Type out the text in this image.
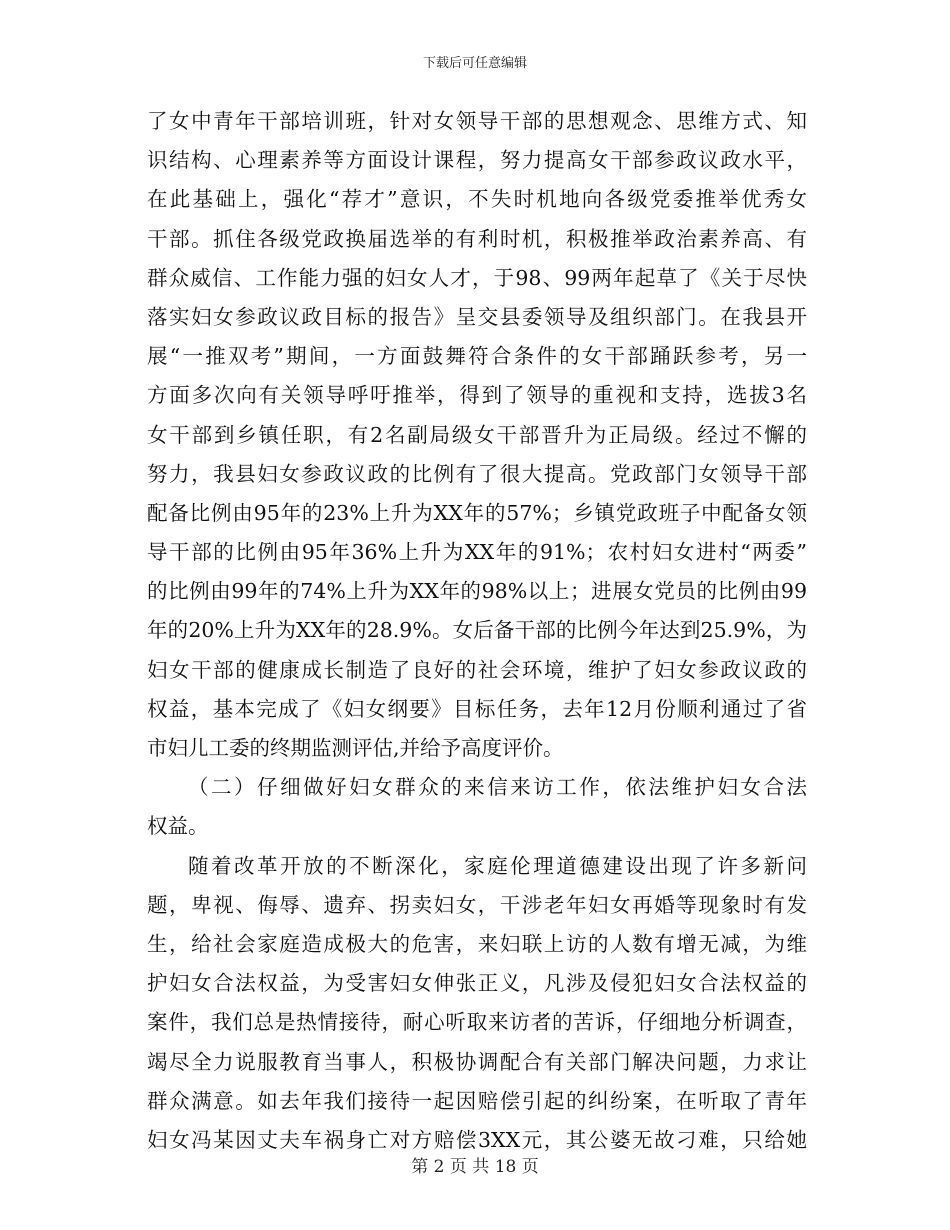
下载后可任意编辑
了女中青年干部培训班，针对女领导干部的思想观念、思维方式、知
识结构、心理素养等方面设计课程，努力提高女干部参政议政水平，
在此基础上，强化“荐才”意识，不失时机地向各级党委推举优秀女
干部。抓住各级党政换届选举的有利时机，积极推举政治素养高、有
群众威信、工作能力强的妇女人才，于98、99两年起草了《关于尽快
落实妇女参政议政目标的报告》呈交县委领导及组织部门。在我县开
展“一推双考”期间，一方面鼓舞符合条件的女干部踊跃参考，另一
方面多次向有关领导呼吁推举，得到了领导的重视和支持，选拔3名
女干部到乡镇任职，有2名副局级女干部晋升为正局级。经过不懈的
努力，我县妇女参政议政的比例有了很大提高。党政部门女领导干部
配备比例由95年的23%上升为XX年的57%；乡镇党政班子中配备女领
导干部的比例由95年36%上升为XX年的91%；农村妇女进村“两委”
的比例由99年的74%上升为XX年的98%以上；进展女党员的比例由99
年的20%上升为XX年的28.9%。女后备干部的比例今年达到25.9%，为
妇女干部的健康成长制造了良好的社会环境，维护了妇女参政议政的
权益，基本完成了《妇女纲要》目标任务，去年12月份顺利通过了省
市妇儿工委的终期监测评估,并给予高度评价。
（二）仔细做好妇女群众的来信来访工作，依法维护妇女合法
权益。
随着改革开放的不断深化，家庭伦理道德建设出现了许多新问
题，卑视、侮辱、遗弃、拐卖妇女，干涉老年妇女再婚等现象时有发
生，给社会家庭造成极大的危害，来妇联上访的人数有增无减，为维
护妇女合法权益，为受害妇女伸张正义，凡涉及侵犯妇女合法权益的
案件，我们总是热情接待，耐心听取来访者的苦诉，仔细地分析调查，
竭尽全力说服教育当事人，积极协调配合有关部门解决问题，力求让
群众满意。如去年我们接待一起因赔偿引起的纠纷案，在听取了青年
妇女冯某因丈夫车祸身亡对方赔偿3XX元，其公婆无故刁难，只给她
第 2 页 共 18 页
